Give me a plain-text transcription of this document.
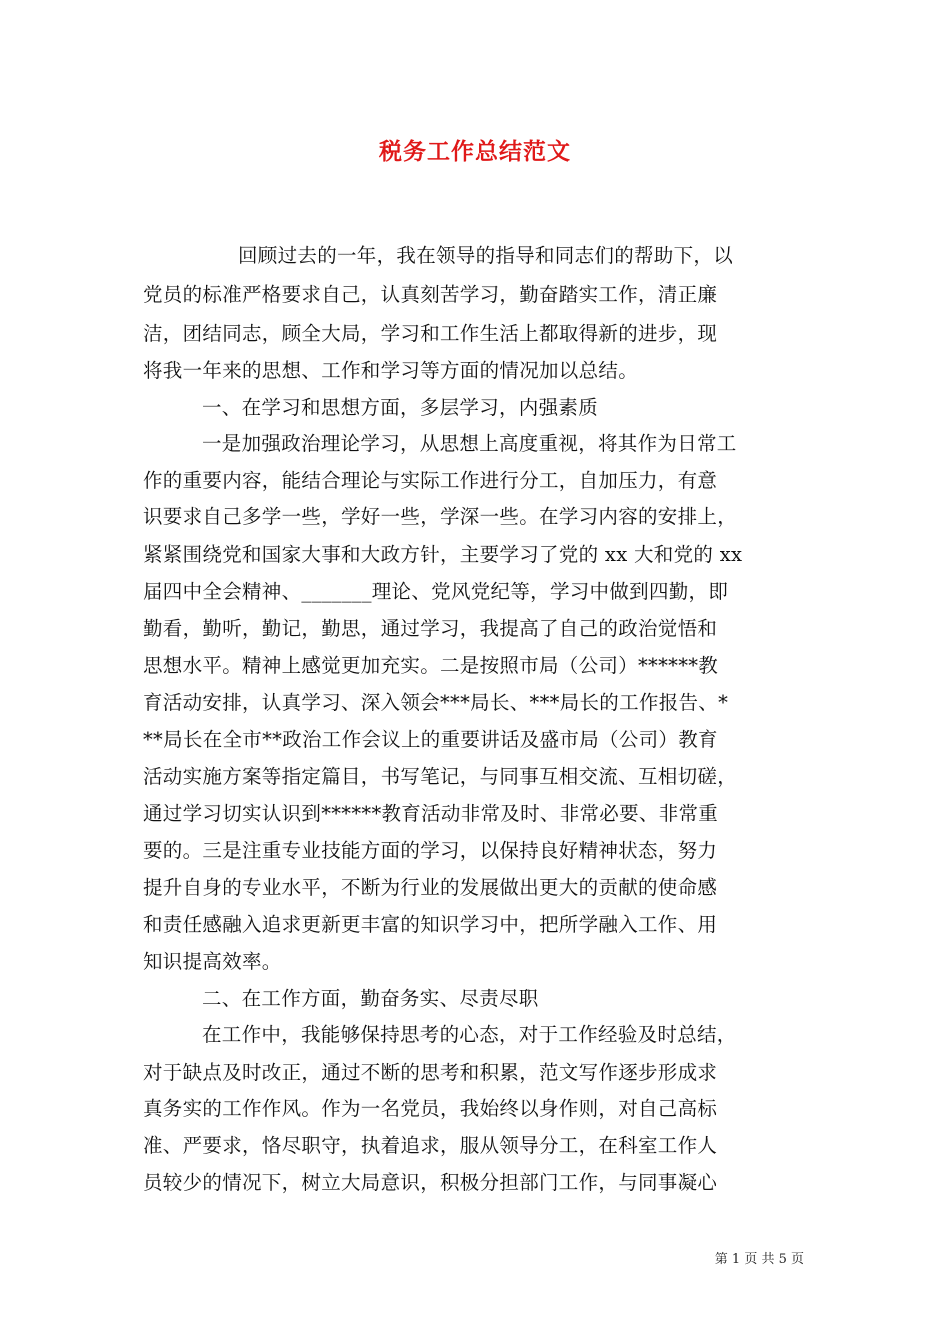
税务工作总结范文
回顾过去的一年，我在领导的指导和同志们的帮助下，以
党员的标准严格要求自己，认真刻苦学习，勤奋踏实工作，清正廉
洁，团结同志，顾全大局，学习和工作生活上都取得新的进步，现
将我一年来的思想、工作和学习等方面的情况加以总结。
一、在学习和思想方面，多层学习，内强素质
一是加强政治理论学习，从思想上高度重视，将其作为日常工
作的重要内容，能结合理论与实际工作进行分工，自加压力，有意
识要求自己多学一些，学好一些，学深一些。在学习内容的安排上，
紧紧围绕党和国家大事和大政方针，主要学习了党的 xx 大和党的 xx
届四中全会精神、_______理论、党风党纪等，学习中做到四勤，即
勤看，勤听，勤记，勤思，通过学习，我提高了自己的政治觉悟和
思想水平。精神上感觉更加充实。二是按照市局（公司）******教
育活动安排，认真学习、深入领会***局长、***局长的工作报告、*
**局长在全市**政治工作会议上的重要讲话及盛市局（公司）教育
活动实施方案等指定篇目，书写笔记，与同事互相交流、互相切磋，
通过学习切实认识到******教育活动非常及时、非常必要、非常重
要的。三是注重专业技能方面的学习，以保持良好精神状态，努力
提升自身的专业水平，不断为行业的发展做出更大的贡献的使命感
和责任感融入追求更新更丰富的知识学习中，把所学融入工作、用
知识提高效率。
二、在工作方面，勤奋务实、尽责尽职
在工作中，我能够保持思考的心态，对于工作经验及时总结，
对于缺点及时改正，通过不断的思考和积累，范文写作逐步形成求
真务实的工作作风。作为一名党员，我始终以身作则，对自己高标
准、严要求，恪尽职守，执着追求，服从领导分工，在科室工作人
员较少的情况下，树立大局意识，积极分担部门工作，与同事凝心
第 1 页 共 5 页
